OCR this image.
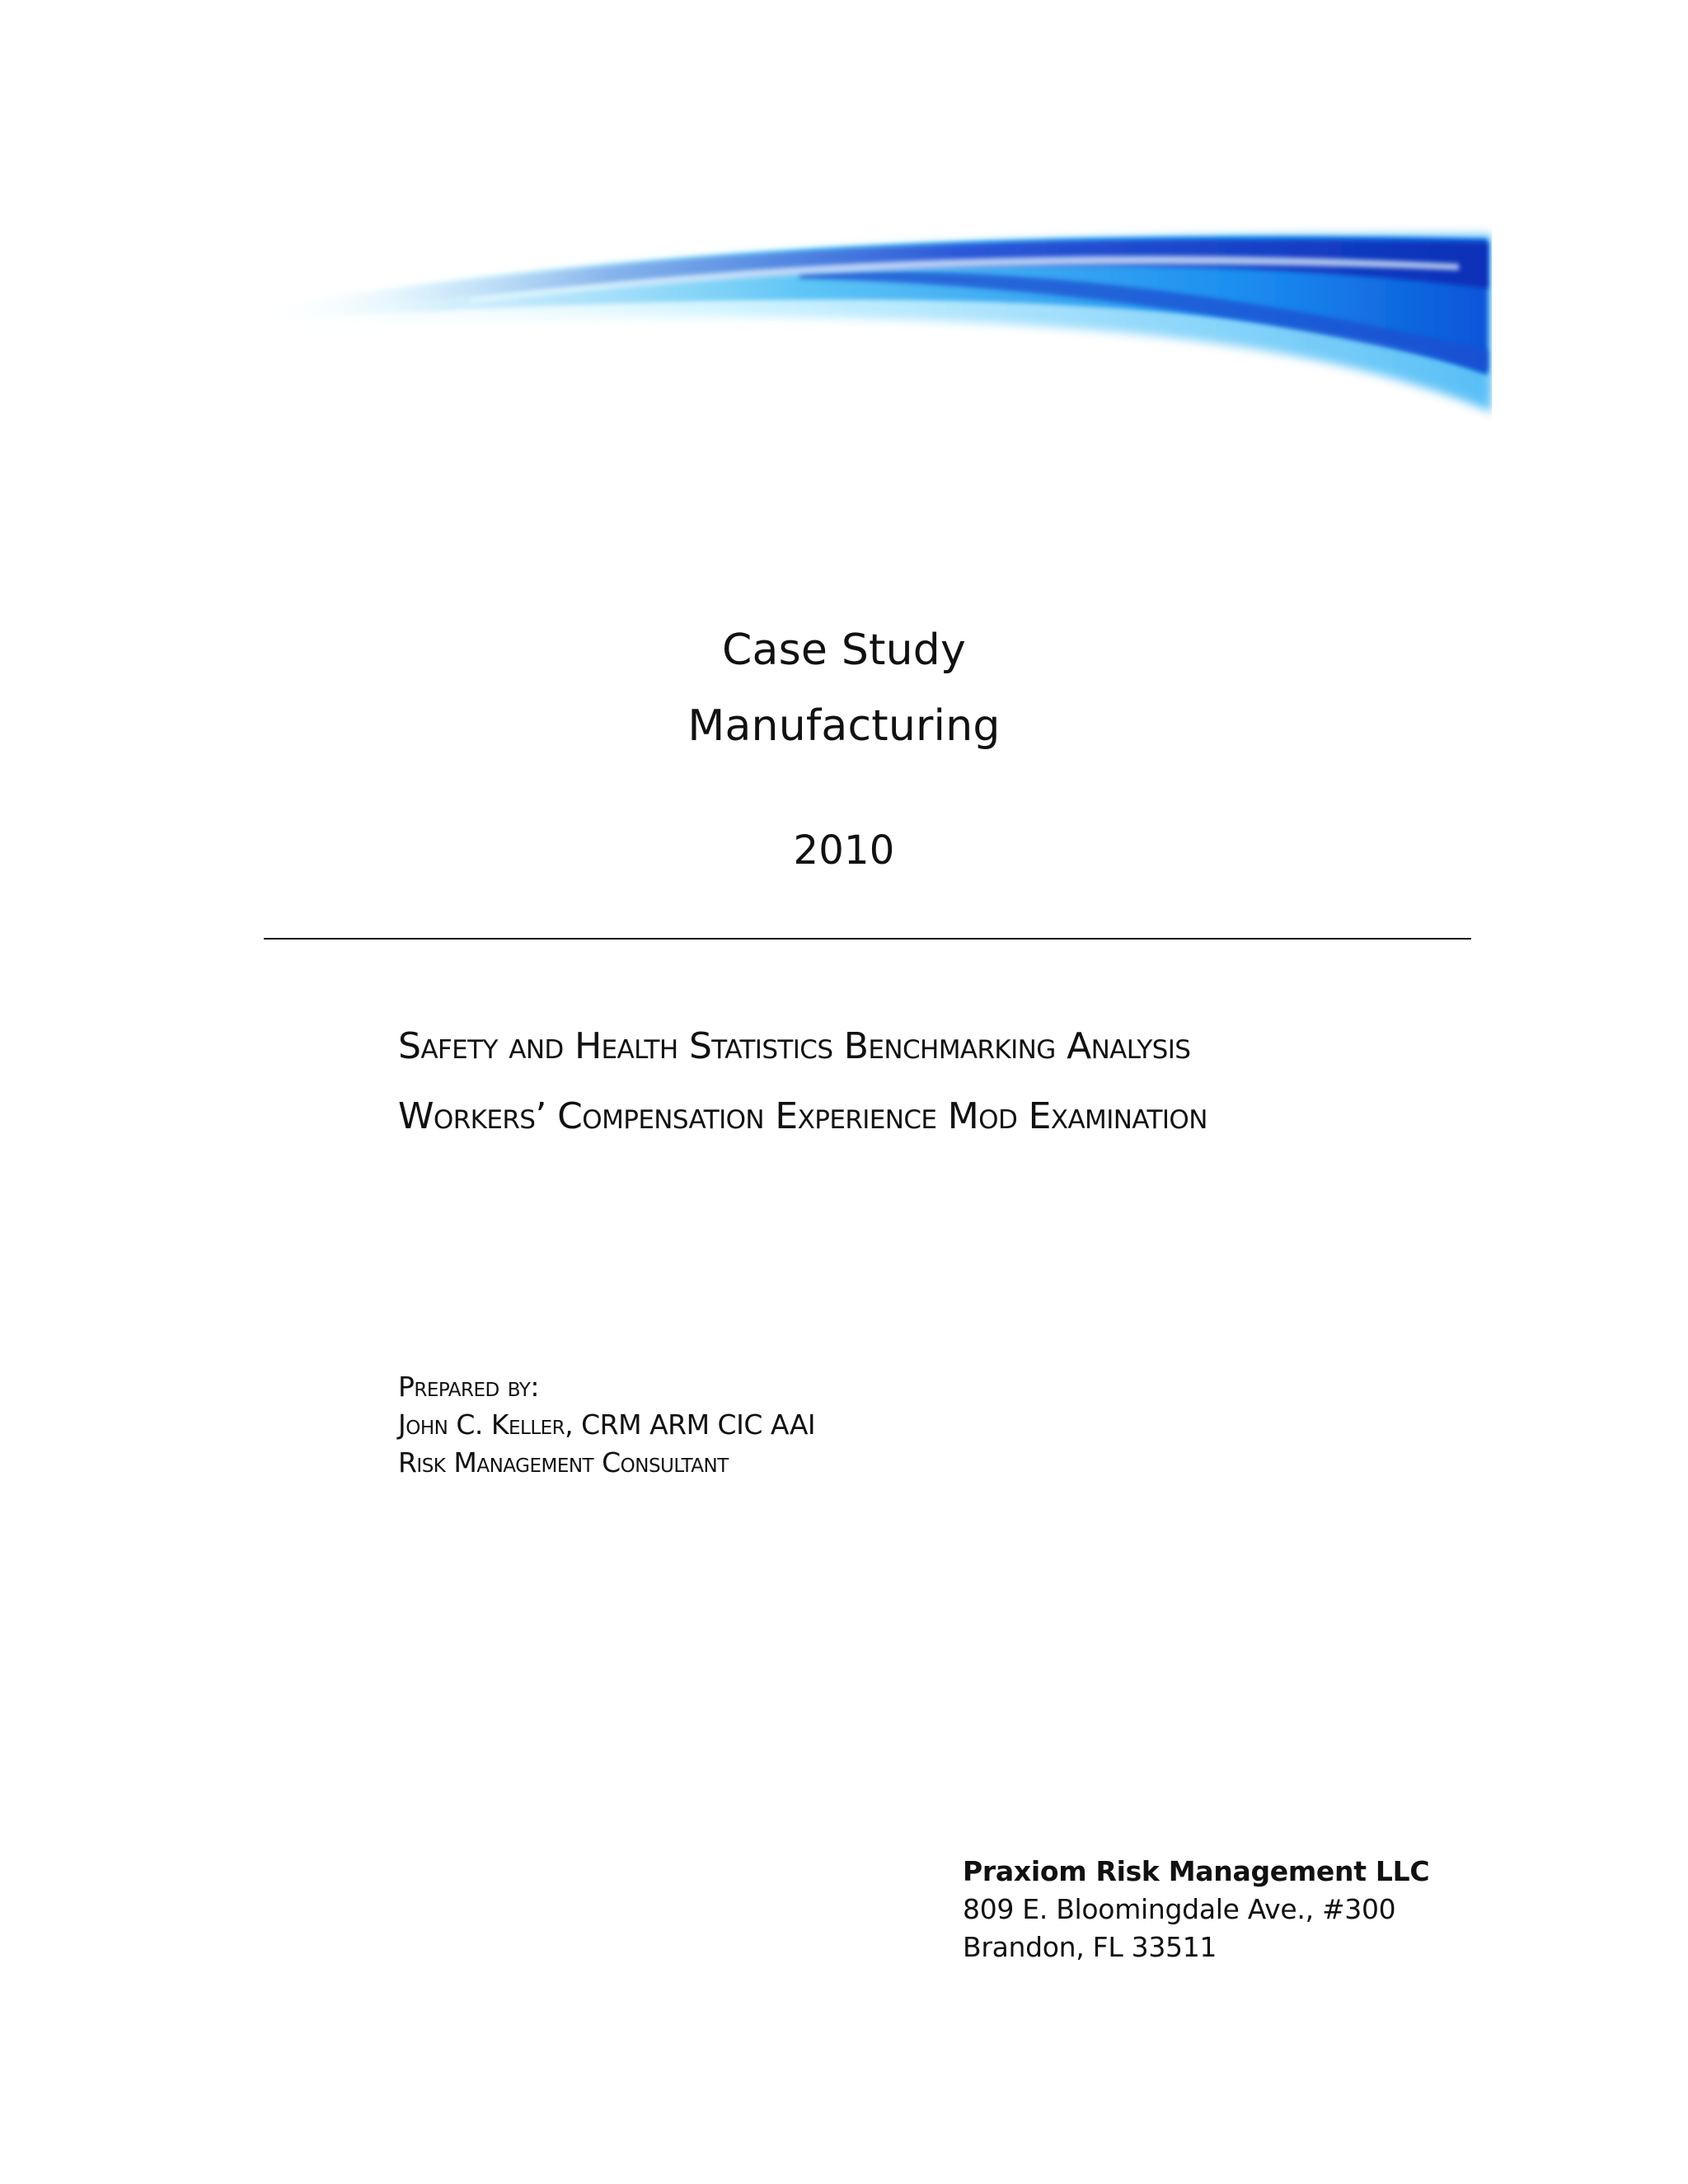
Case Study
Manufacturing
2010
Safety and Health Statistics Benchmarking Analysis
Workers’ Compensation Experience Mod Examination
Prepared by:
John C. Keller, CRM ARM CIC AAI
Risk Management Consultant
Praxiom Risk Management LLC
809 E. Bloomingdale Ave., #300
Brandon, FL 33511
